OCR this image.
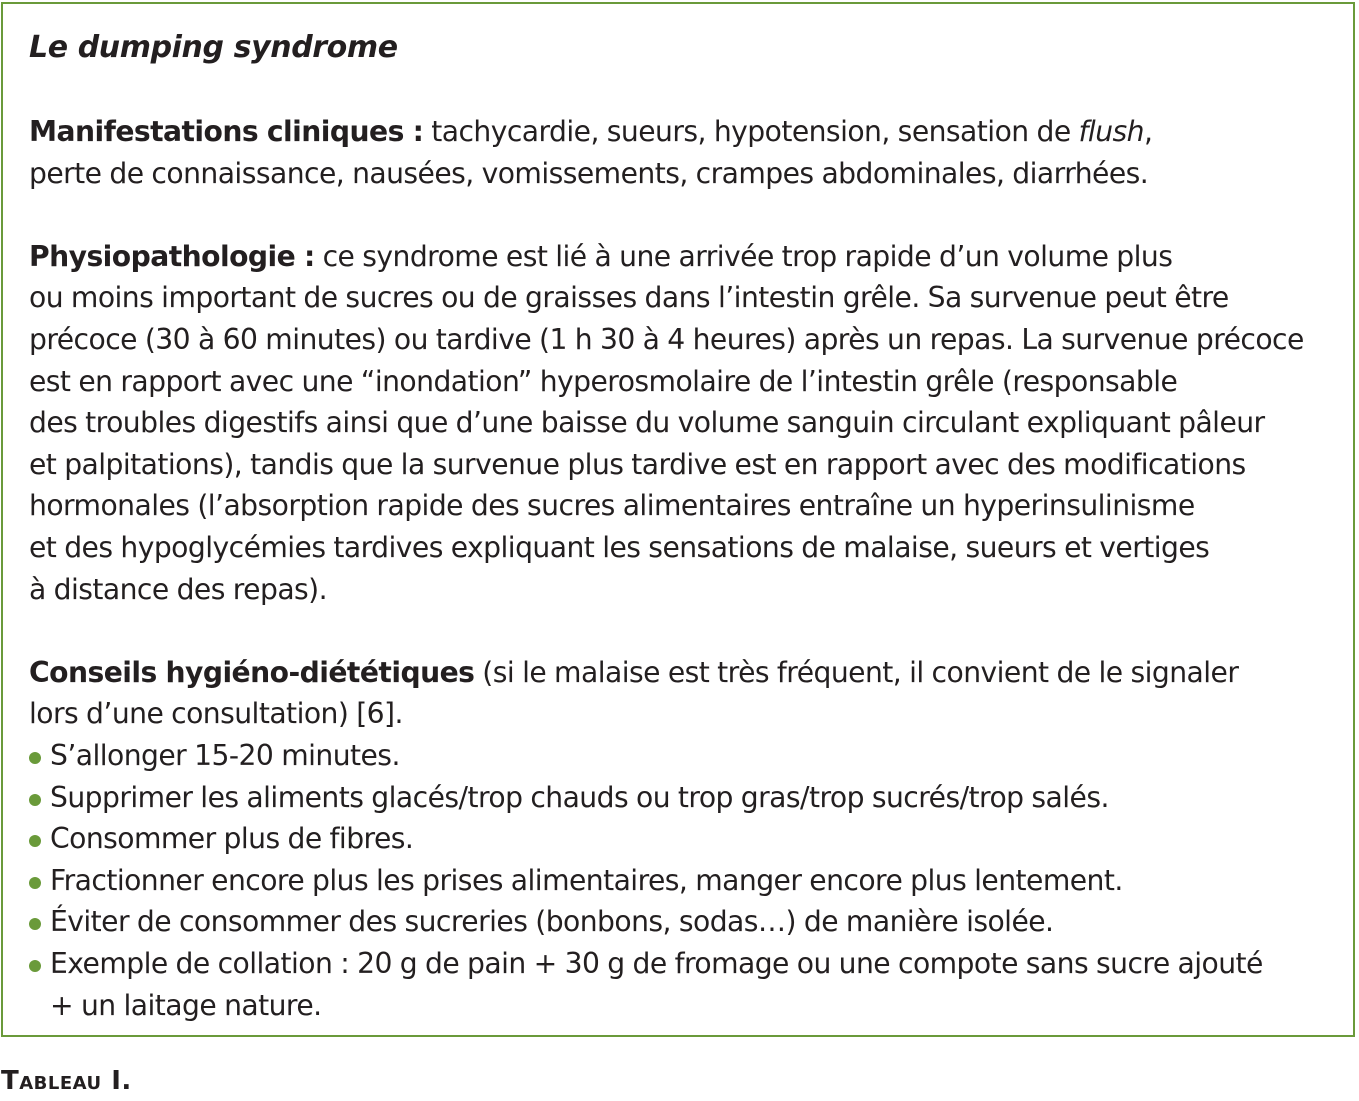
Le dumping syndrome
Manifestations cliniques : tachycardie, sueurs, hypotension, sensation de flush,
perte de connaissance, nausées, vomissements, crampes abdominales, diarrhées.
Physiopathologie : ce syndrome est lié à une arrivée trop rapide d’un volume plus
ou moins important de sucres ou de graisses dans l’intestin grêle. Sa survenue peut être
précoce (30 à 60 minutes) ou tardive (1 h 30 à 4 heures) après un repas. La survenue précoce
est en rapport avec une “inondation” hyperosmolaire de l’intestin grêle (responsable
des troubles digestifs ainsi que d’une baisse du volume sanguin circulant expliquant pâleur
et palpitations), tandis que la survenue plus tardive est en rapport avec des modifications
hormonales (l’absorption rapide des sucres alimentaires entraîne un hyperinsulinisme
et des hypoglycémies tardives expliquant les sensations de malaise, sueurs et vertiges
à distance des repas).
Conseils hygiéno-diététiques (si le malaise est très fréquent, il convient de le signaler
lors d’une consultation) [6].
S’allonger 15-20 minutes.
Supprimer les aliments glacés/trop chauds ou trop gras/trop sucrés/trop salés.
Consommer plus de fibres.
Fractionner encore plus les prises alimentaires, manger encore plus lentement.
Éviter de consommer des sucreries (bonbons, sodas…) de manière isolée.
Exemple de collation : 20 g de pain + 30 g de fromage ou une compote sans sucre ajouté
+ un laitage nature.
Tableau I.
